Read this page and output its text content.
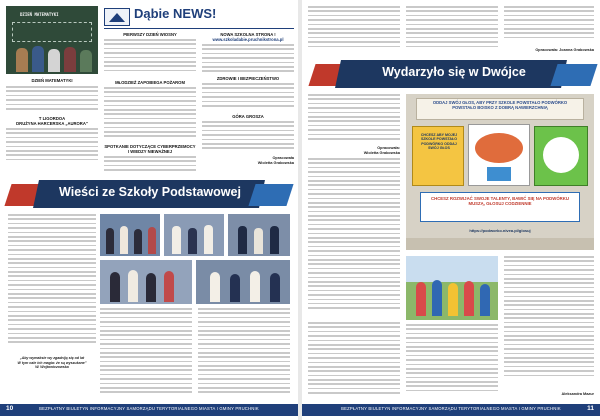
DZIEŃ MATEMATYKI	Dąbie NEWS!
DZIEŃ MATEMATYKI
T LIGORDOA
DRUŻYNA HARCERSKA „AURORA"
PIERWSZY DZIEŃ WIOSNY
MŁODZIEŻ ZAPOBIEGA POŻAROM
SPOTKANIE DOTYCZĄCE CYBERPRZEMOCY I WIEDZY NIEWAŻNEJ
NOWA SZKOLNA STRONA !
www.szkoladabie.pruchnikstrona.pl
ZDROWIE I BEZPIECZEŃSTWO
GÓRA GROSZA
Opracowała
Wioletta Grabowska
Wieści ze Szkoły Podstawowej
„Aby wymaksie wy zgadniją się od lat
W tym cale ich magia: że są wyszukane"
W. Wojtowiczowska
10	BEZPŁATNY BIULETYN INFORMACYJNY SAMORZĄDU TERYTORIALNEGO MIASTA I GMINY PRUCHNIK
Opracowała: Joanna Grabowska
Wydarzyło się w Dwójce
Opracowała:
Wioletta Grabowska
ODDAJ SWÓJ GŁOS, ABY PRZY SZKOLE POWSTAŁO PODWÓRKO
POWSTAŁO BOISKO Z DOBRĄ NAWIERZCHNIĄ
CHCESZ ABY MOJEJ SZKOLE POWSTAŁO PODWÓRKO ODDAJ SWÓJ GŁOS
CHCESZ ROZWIJAĆ SWOJE TALENTY, BAWIĆ SIĘ NA PODWÓRKU MUSZĄ, GŁOSUJ CODZIENNIE
https://podworko.nivea.pl/glosuj
Aleksandra Mazur
BEZPŁATNY BIULETYN INFORMACYJNY SAMORZĄDU TERYTORIALNEGO MIASTA I GMINY PRUCHNIK	11
